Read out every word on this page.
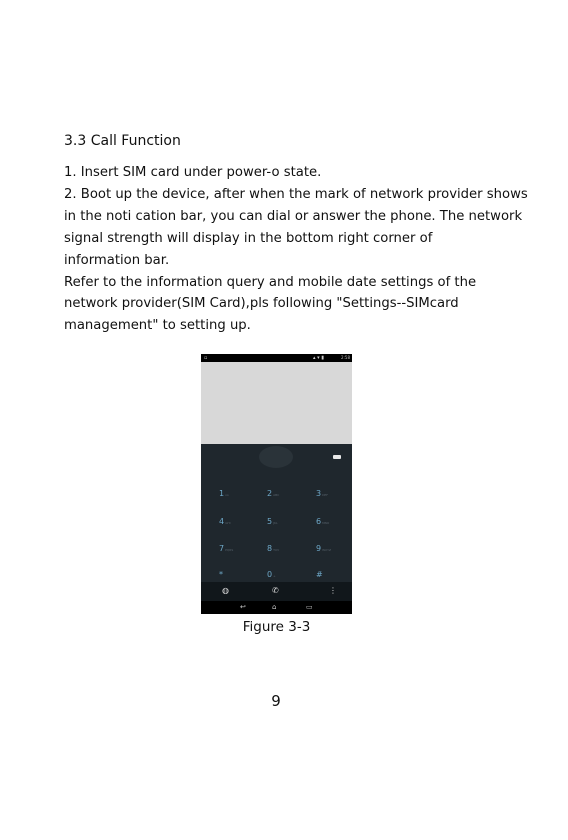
3.3 Call Function
1. Insert SIM card under power-o state.
2. Boot up the device, after when the mark of network provider shows
in the noti cation bar, you can dial or answer the phone. The network
signal strength will display in the bottom right corner of
information bar.
Refer to the information query and mobile date settings of the
network provider(SIM Card),pls following "Settings--SIMcard
management" to setting up.
▫	▴ ▾ ▮	2:58
1oo	2ABC	3DEF
4GHI	5JKL	6MNO
7PQRS	8TUV	9WXYZ
*	0+	#
◍	✆	⋮
↩	⌂	▭
Figure 3-3
9
